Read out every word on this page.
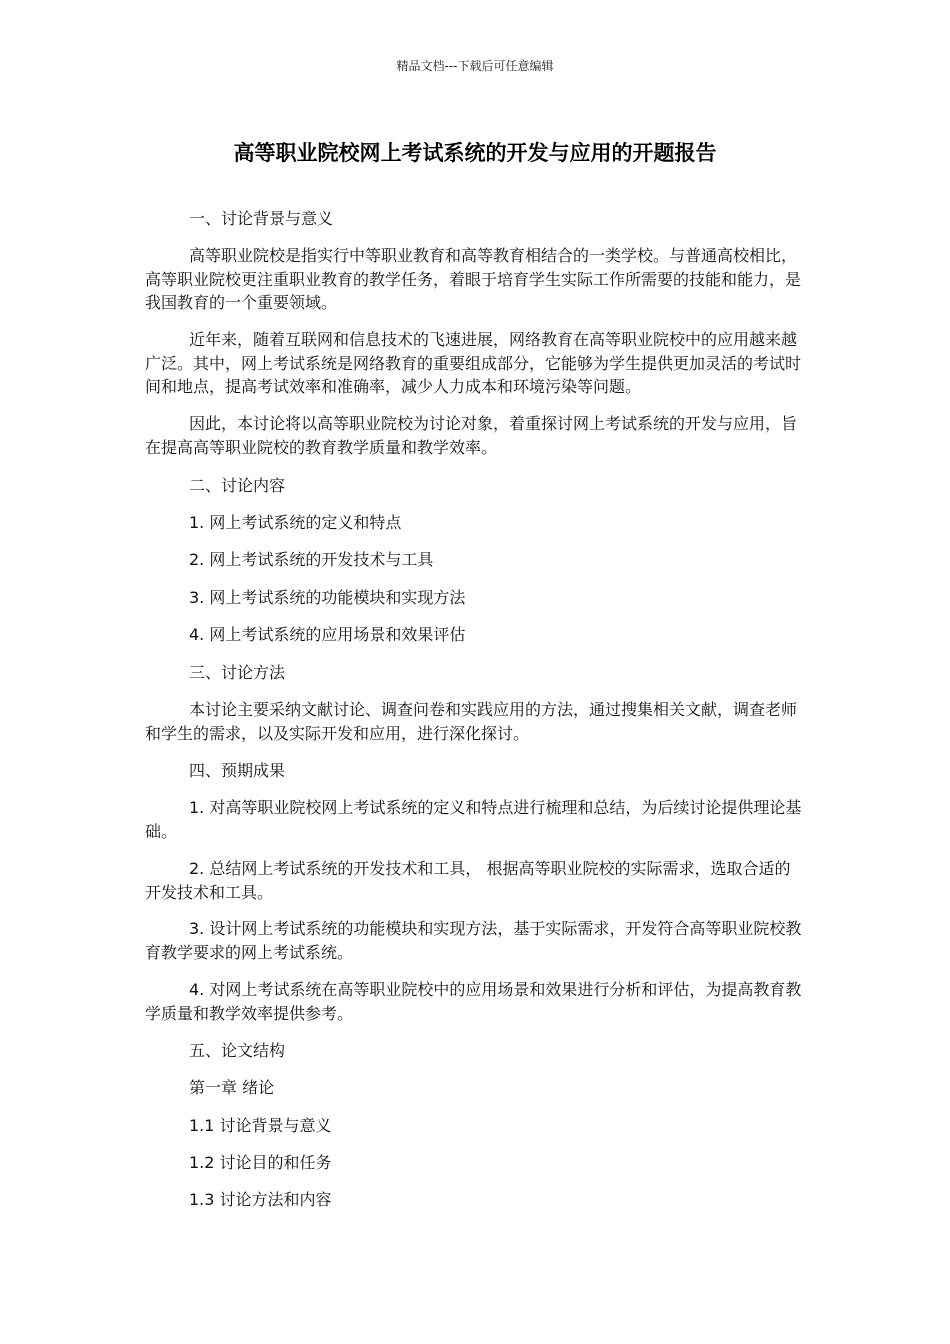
精品文档---下载后可任意编辑
高等职业院校网上考试系统的开发与应用的开题报告

一、讨论背景与意义

高等职业院校是指实行中等职业教育和高等教育相结合的一类学校。与普通高校相比，高等职业院校更注重职业教育的教学任务，着眼于培育学生实际工作所需要的技能和能力，是我国教育的一个重要领域。

近年来，随着互联网和信息技术的飞速进展，网络教育在高等职业院校中的应用越来越广泛。其中，网上考试系统是网络教育的重要组成部分，它能够为学生提供更加灵活的考试时间和地点，提高考试效率和准确率，减少人力成本和环境污染等问题。

因此，本讨论将以高等职业院校为讨论对象，着重探讨网上考试系统的开发与应用，旨在提高高等职业院校的教育教学质量和教学效率。

二、讨论内容

1. 网上考试系统的定义和特点

2. 网上考试系统的开发技术与工具

3. 网上考试系统的功能模块和实现方法

4. 网上考试系统的应用场景和效果评估

三、讨论方法

本讨论主要采纳文献讨论、调查问卷和实践应用的方法，通过搜集相关文献，调查老师和学生的需求，以及实际开发和应用，进行深化探讨。

四、预期成果

1. 对高等职业院校网上考试系统的定义和特点进行梳理和总结，为后续讨论提供理论基础。

2. 总结网上考试系统的开发技术和工具， 根据高等职业院校的实际需求，选取合适的开发技术和工具。

3. 设计网上考试系统的功能模块和实现方法，基于实际需求，开发符合高等职业院校教育教学要求的网上考试系统。

4. 对网上考试系统在高等职业院校中的应用场景和效果进行分析和评估，为提高教育教学质量和教学效率提供参考。

五、论文结构

第一章 绪论

1.1 讨论背景与意义

1.2 讨论目的和任务

1.3 讨论方法和内容
